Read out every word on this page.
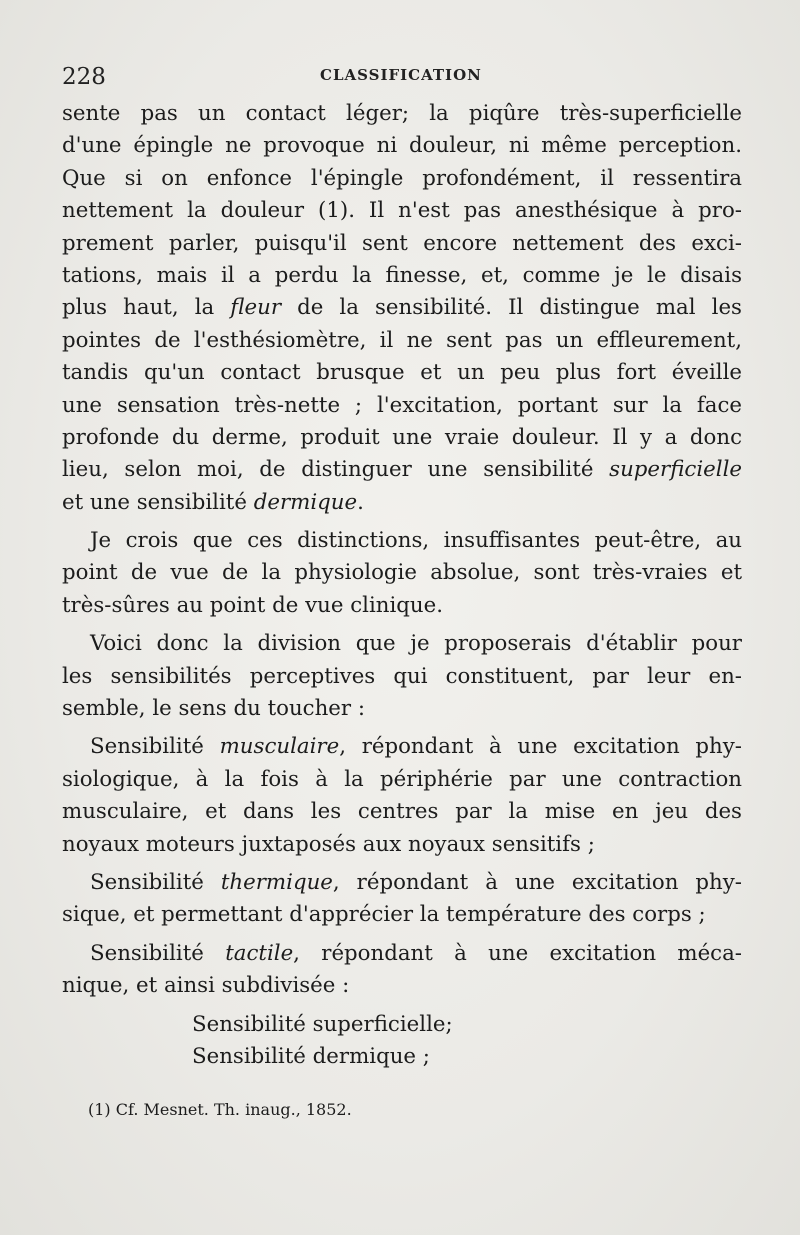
228	CLASSIFICATION
sente pas un contact léger; la piqûre très-superficielle
d'une épingle ne provoque ni douleur, ni même perception.
Que si on enfonce l'épingle profondément, il ressentira
nettement la douleur (1). Il n'est pas anesthésique à pro-
prement parler, puisqu'il sent encore nettement des exci-
tations, mais il a perdu la finesse, et, comme je le disais
plus haut, la fleur de la sensibilité. Il distingue mal les
pointes de l'esthésiomètre, il ne sent pas un effleurement,
tandis qu'un contact brusque et un peu plus fort éveille
une sensation très-nette ; l'excitation, portant sur la face
profonde du derme, produit une vraie douleur. Il y a donc
lieu, selon moi, de distinguer une sensibilité superficielle
et une sensibilité dermique.
Je crois que ces distinctions, insuffisantes peut-être, au
point de vue de la physiologie absolue, sont très-vraies et
très-sûres au point de vue clinique.
Voici donc la division que je proposerais d'établir pour
les sensibilités perceptives qui constituent, par leur en-
semble, le sens du toucher :
Sensibilité musculaire, répondant à une excitation phy-
siologique, à la fois à la périphérie par une contraction
musculaire, et dans les centres par la mise en jeu des
noyaux moteurs juxtaposés aux noyaux sensitifs ;
Sensibilité thermique, répondant à une excitation phy-
sique, et permettant d'apprécier la température des corps ;
Sensibilité tactile, répondant à une excitation méca-
nique, et ainsi subdivisée :
Sensibilité superficielle;
Sensibilité dermique ;
(1) Cf. Mesnet. Th. inaug., 1852.
